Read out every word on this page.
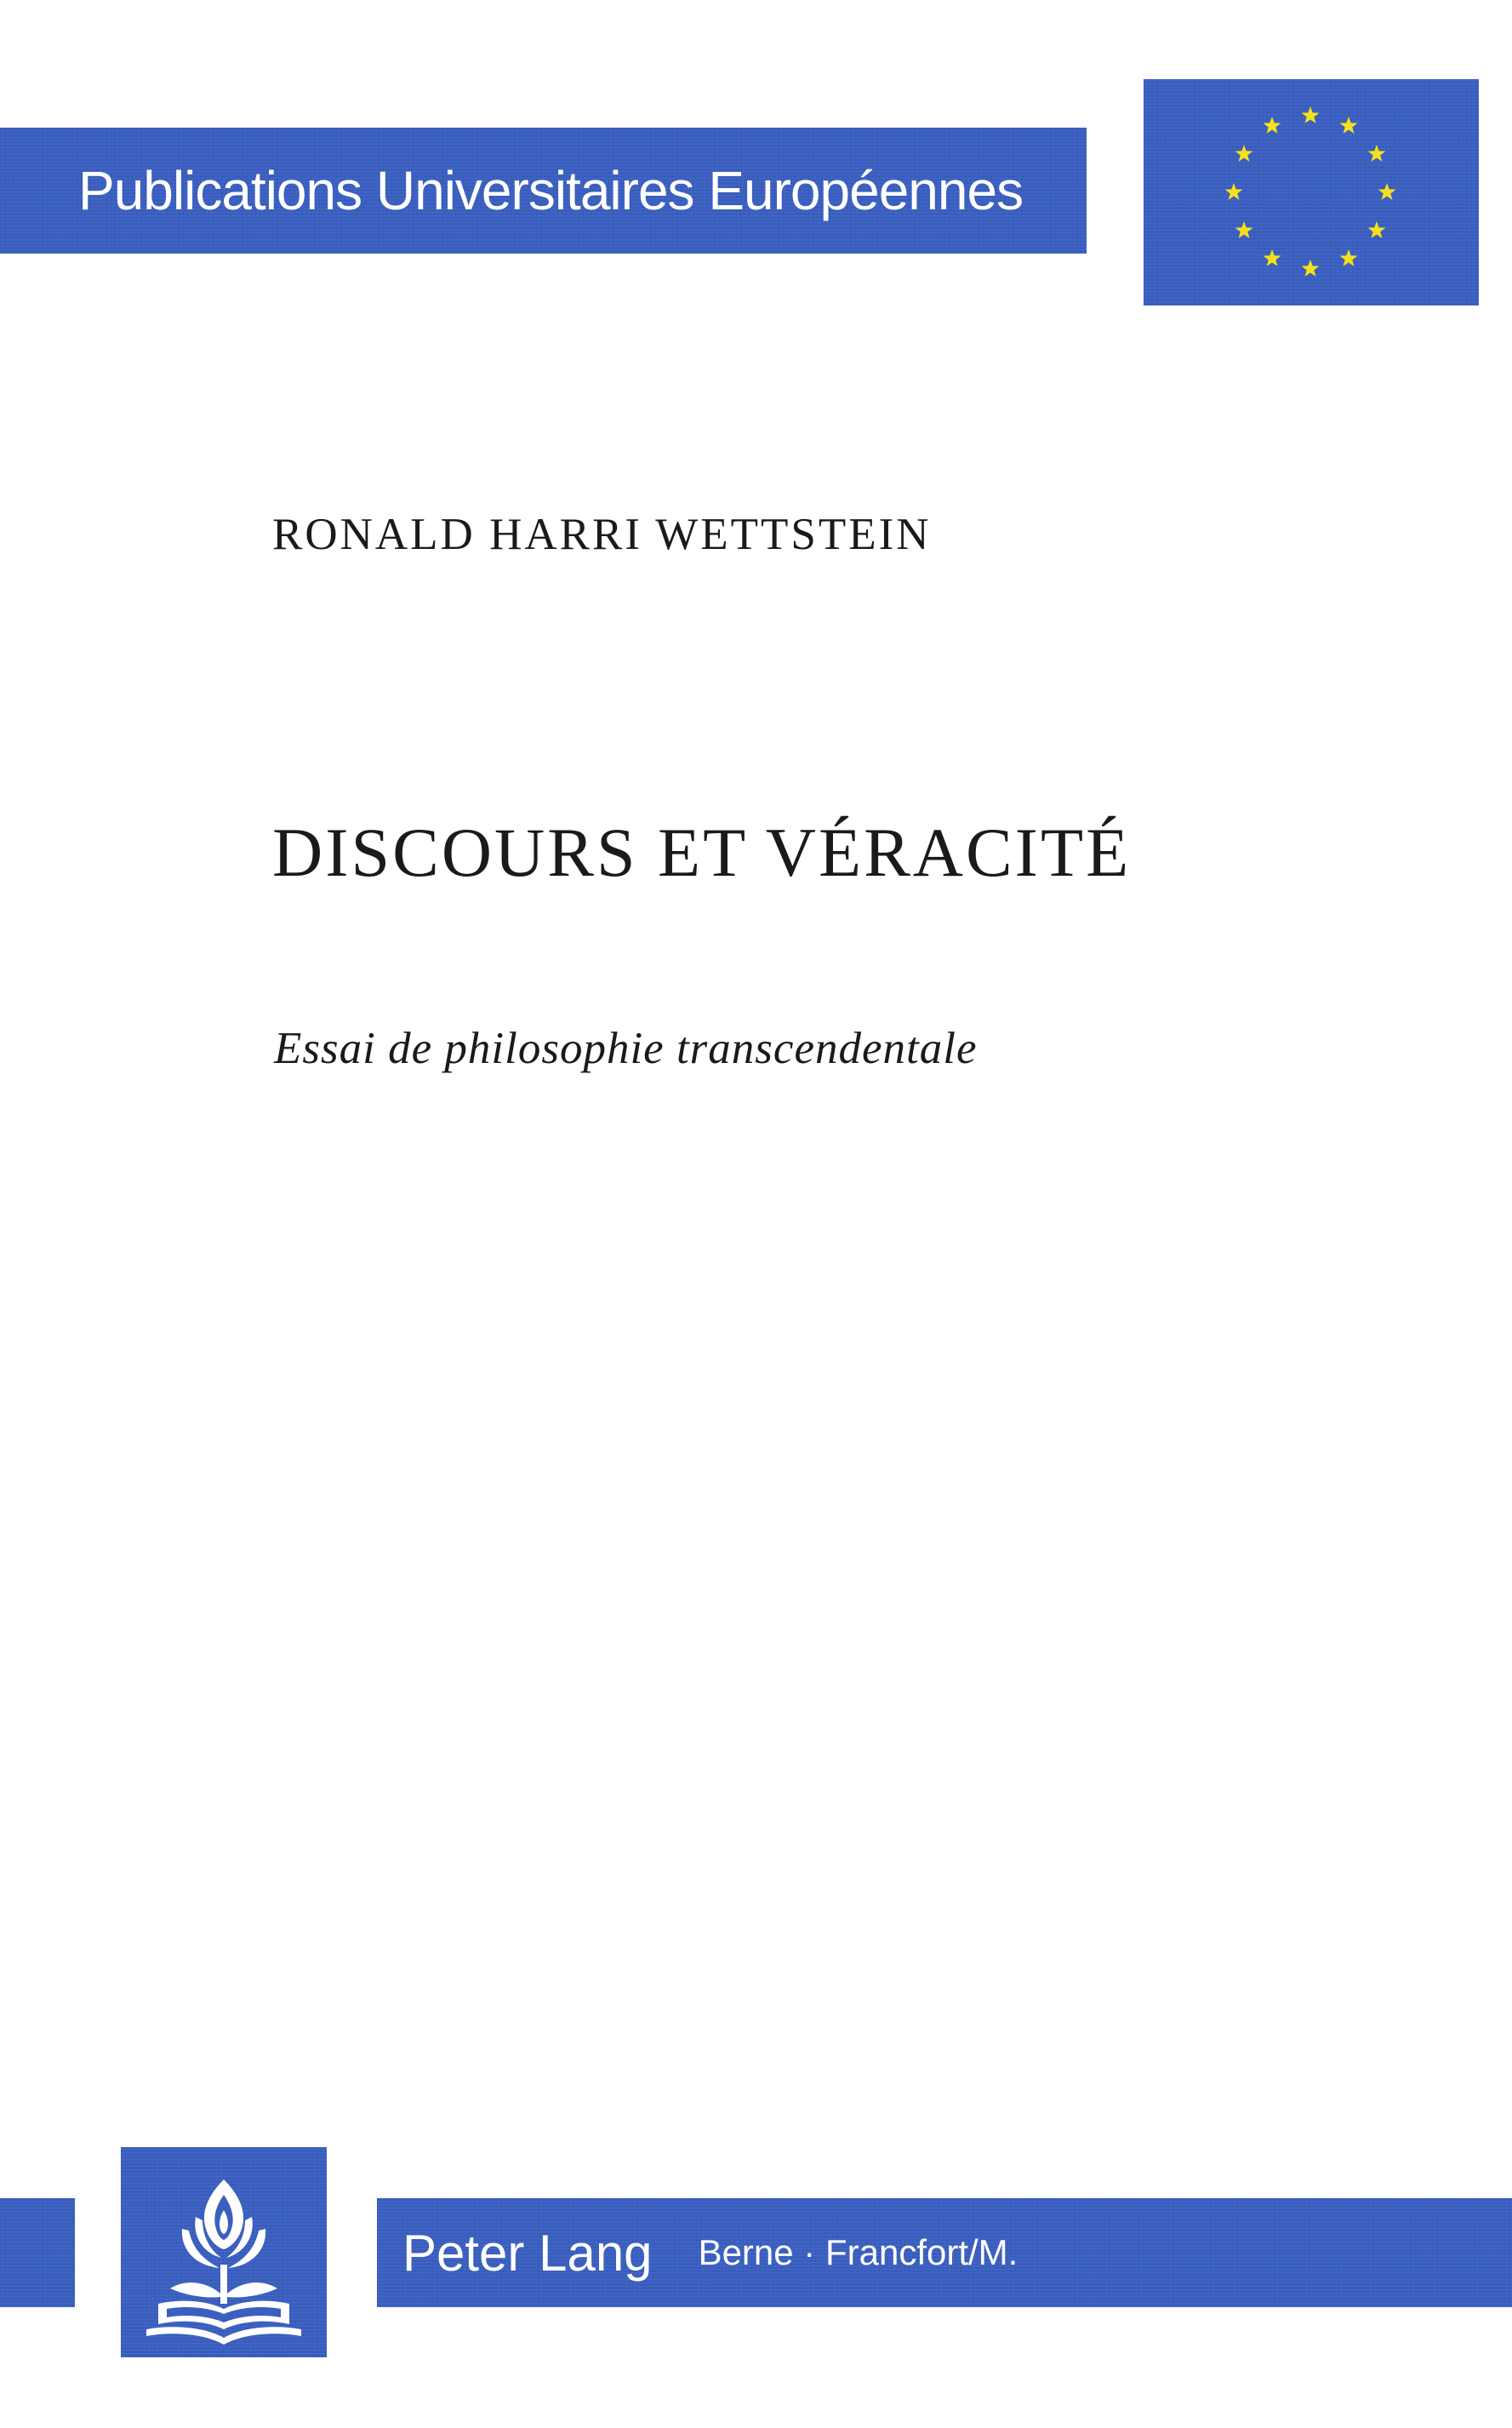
Publications Universitaires Européennes
RONALD HARRI WETTSTEIN
DISCOURS ET VÉRACITÉ
Essai de philosophie transcendentale
Peter Lang Berne · Francfort/M.
